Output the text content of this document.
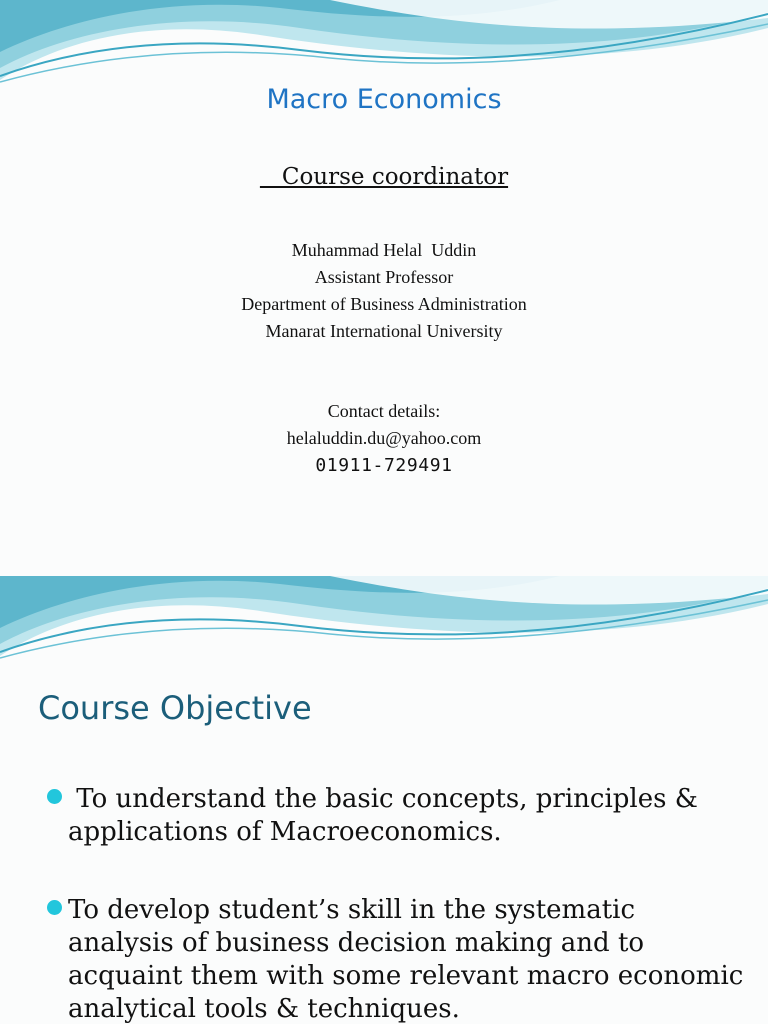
Macro Economics
Course coordinator
Muhammad Helal  Uddin
Assistant Professor
Department of Business Administration
Manarat International University
Contact details:
helaluddin.du@yahoo.com
01911-729491
Course Objective
To understand the basic concepts, principles & applications of Macroeconomics.
To develop student’s skill in the systematic analysis of business decision making and to acquaint them with some relevant macro economic analytical tools & techniques.
